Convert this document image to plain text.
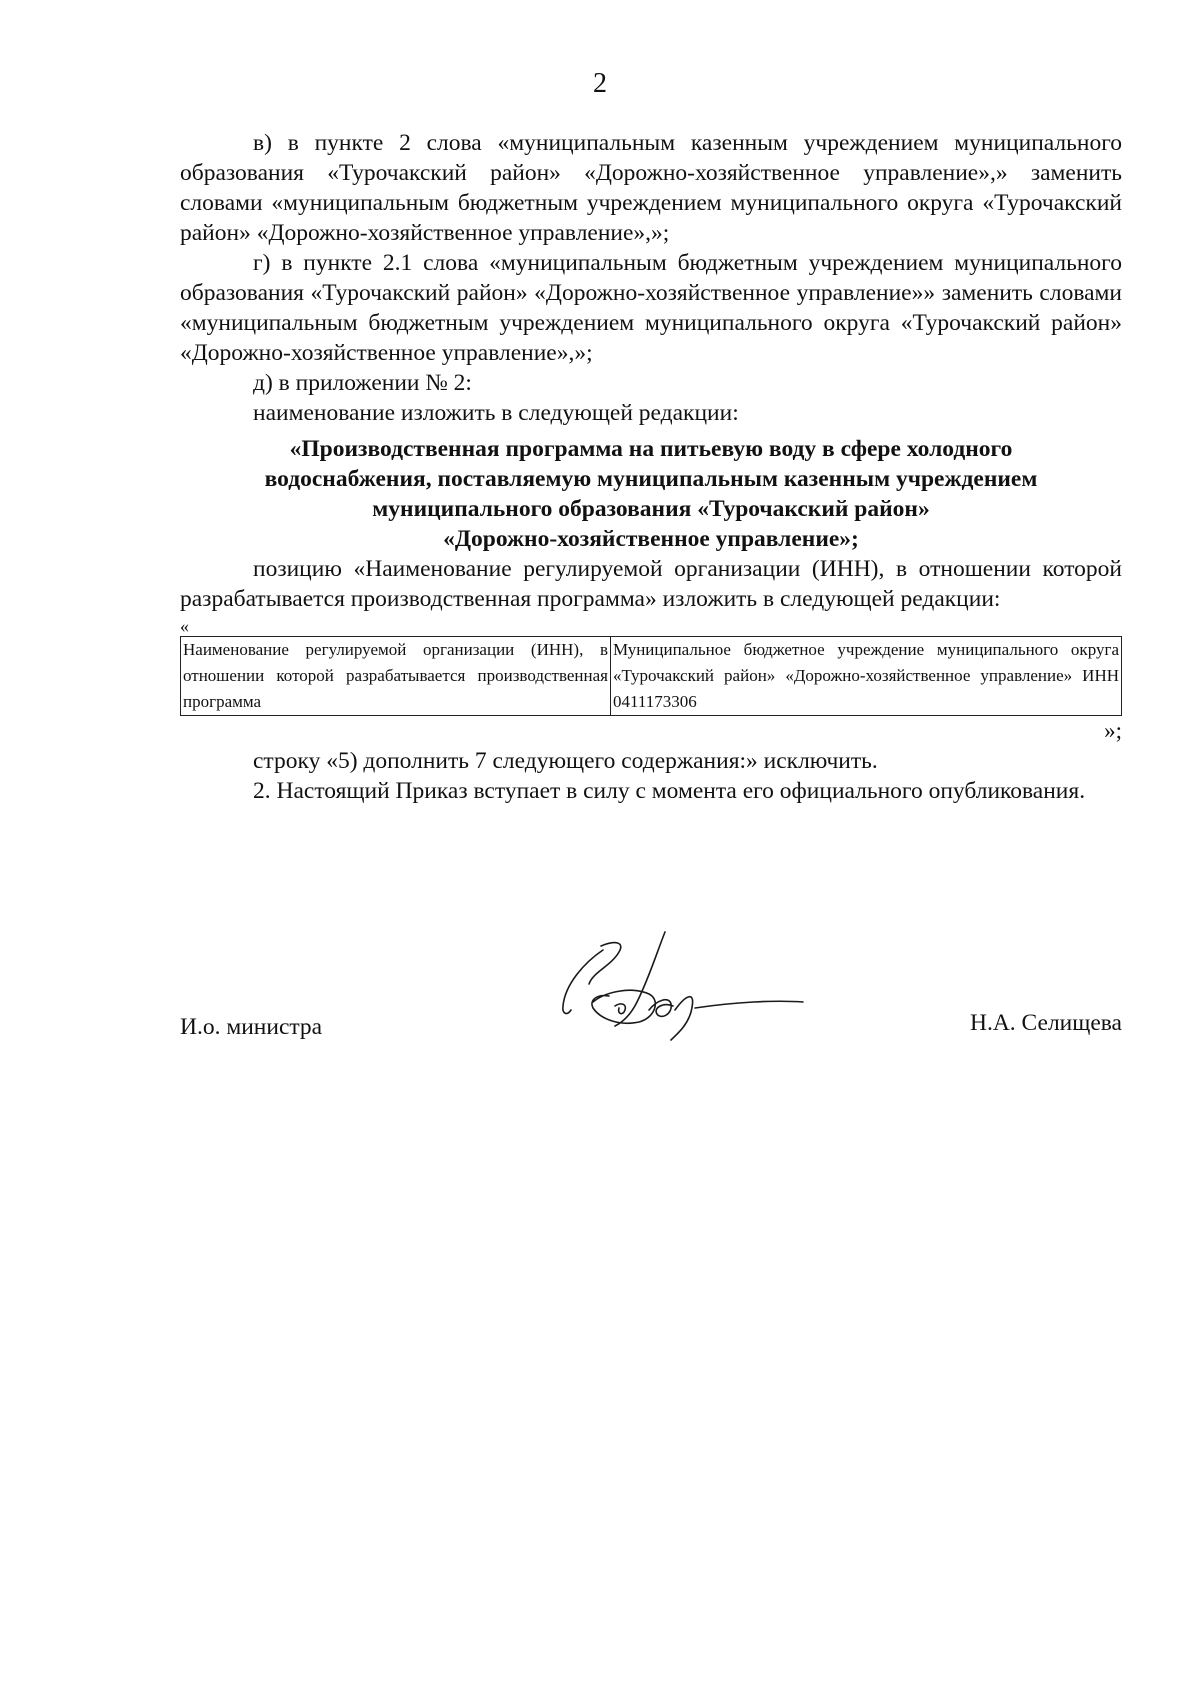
2

в) в пункте 2 слова «муниципальным казенным учреждением муниципального образования «Турочакский район» «Дорожно-хозяйственное управление»,» заменить словами «муниципальным бюджетным учреждением муниципального округа «Турочакский район» «Дорожно-хозяйственное управление»,»;

г) в пункте 2.1 слова «муниципальным бюджетным учреждением муниципального образования «Турочакский район» «Дорожно-хозяйственное управление»» заменить словами «муниципальным бюджетным учреждением муниципального округа «Турочакский район» «Дорожно-хозяйственное управление»,»;

д) в приложении № 2:

наименование изложить в следующей редакции:

«Производственная программа на питьевую воду в сфере холодного
водоснабжения, поставляемую муниципальным казенным учреждением
муниципального образования «Турочакский район»
«Дорожно-хозяйственное управление»;

позицию «Наименование регулируемой организации (ИНН), в отношении которой разрабатывается производственная программа» изложить в следующей редакции:

«

Наименование регулируемой организации (ИНН), в отношении которой разрабатывается производственная программа	Муниципальное бюджетное учреждение муниципального округа «Турочакский район» «Дорожно-хозяйственное управление» ИНН 0411173306

»;

строку «5) дополнить 7 следующего содержания:» исключить.

2. Настоящий Приказ вступает в силу с момента его официального опубликования.

И.о. министра	Н.А. Селищева
